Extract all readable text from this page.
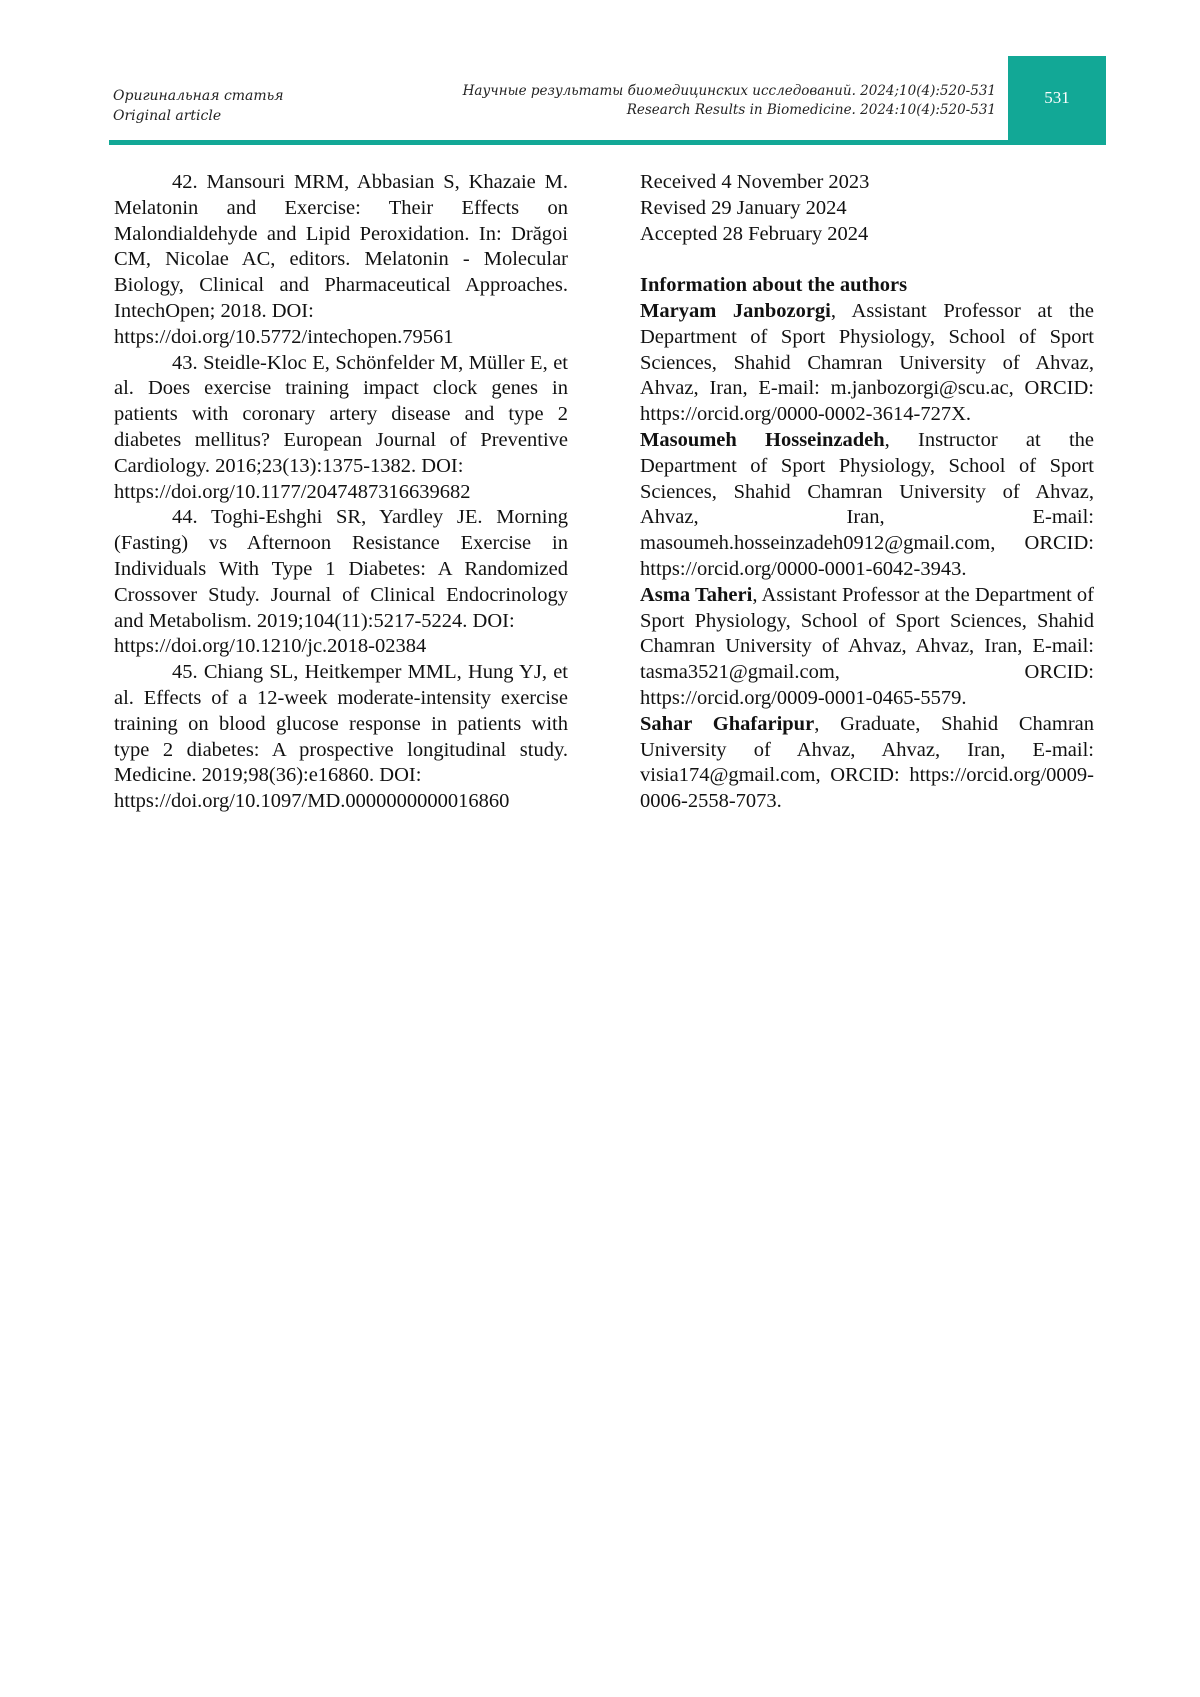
Оригинальная статья
Original article
Научные результаты биомедицинских исследований. 2024;10(4):520-531
Research Results in Biomedicine. 2024:10(4):520-531
531

42. Mansouri MRM, Abbasian S, Khazaie M. Melatonin and Exercise: Their Effects on Malondialdehyde and Lipid Peroxidation. In: Drăgoi CM, Nicolae AC, editors. Melatonin - Molecular Biology, Clinical and Pharmaceutical Approaches. IntechOpen; 2018. DOI:
https://doi.org/10.5772/intechopen.79561

43. Steidle-Kloc E, Schönfelder M, Müller E, et al. Does exercise training impact clock genes in patients with coronary artery disease and type 2 diabetes mellitus? European Journal of Preventive Cardiology. 2016;23(13):1375-1382. DOI:
https://doi.org/10.1177/2047487316639682

44. Toghi-Eshghi SR, Yardley JE. Morning (Fasting) vs Afternoon Resistance Exercise in Individuals With Type 1 Diabetes: A Randomized Crossover Study. Journal of Clinical Endocrinology and Metabolism. 2019;104(11):5217-5224. DOI:
https://doi.org/10.1210/jc.2018-02384

45. Chiang SL, Heitkemper MML, Hung YJ, et al. Effects of a 12-week moderate-intensity exercise training on blood glucose response in patients with type 2 diabetes: A prospective longitudinal study. Medicine. 2019;98(36):e16860. DOI:
https://doi.org/10.1097/MD.0000000000016860

Received 4 November 2023

Revised 29 January 2024

Accepted 28 February 2024

Information about the authors

Maryam Janbozorgi, Assistant Professor at the Department of Sport Physiology, School of Sport Sciences, Shahid Chamran University of Ahvaz, Ahvaz, Iran, E-mail: m.janbozorgi@scu.ac, ORCID: https://orcid.org/0000-0002-3614-727X.

Masoumeh Hosseinzadeh, Instructor at the Department of Sport Physiology, School of Sport Sciences, Shahid Chamran University of Ahvaz, Ahvaz, Iran, E-mail: masoumeh.hosseinzadeh0912@gmail.com, ORCID: https://orcid.org/0000-0001-6042-3943.

Asma Taheri, Assistant Professor at the Department of Sport Physiology, School of Sport Sciences, Shahid Chamran University of Ahvaz, Ahvaz, Iran, E-mail: tasma3521@gmail.com, ORCID: https://orcid.org/0009-0001-0465-5579.

Sahar Ghafaripur, Graduate, Shahid Chamran University of Ahvaz, Ahvaz, Iran, E-mail: visia174@gmail.com, ORCID: https://orcid.org/0009-0006-2558-7073.
